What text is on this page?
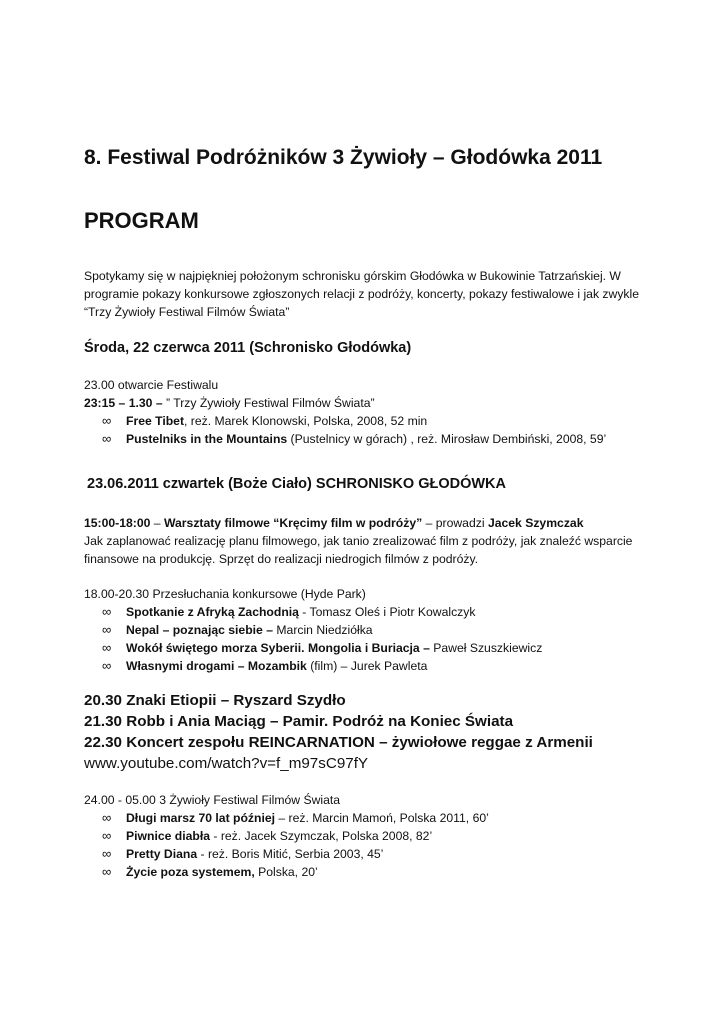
8. Festiwal Podróżników 3 Żywioły – Głodówka 2011
PROGRAM
Spotykamy się w najpiękniej położonym schronisku górskim Głodówka w Bukowinie Tatrzańskiej. W programie pokazy konkursowe zgłoszonych relacji z podróży, koncerty, pokazy festiwalowe i jak zwykle “Trzy Żywioły Festiwal Filmów Świata”
Środa, 22 czerwca 2011 (Schronisko Głodówka)
23.00 otwarcie Festiwalu
23:15 – 1.30 – ” Trzy Żywioły Festiwal Filmów Świata”
∞ Free Tibet, reż. Marek Klonowski, Polska, 2008, 52 min
∞ Pustelniks in the Mountains (Pustelnicy w górach) , reż. Mirosław Dembiński, 2008, 59’
23.06.2011 czwartek (Boże Ciało) SCHRONISKO GŁODÓWKA
15:00-18:00 – Warsztaty filmowe “Kręcimy film w podróży” – prowadzi Jacek Szymczak
Jak zaplanować realizację planu filmowego, jak tanio zrealizować film z podróży, jak znaleźć wsparcie finansowe na produkcję. Sprzęt do realizacji niedrogich filmów z podróży.
18.00-20.30 Przesłuchania konkursowe (Hyde Park)
∞ Spotkanie z Afryką Zachodnią - Tomasz Oleś i Piotr Kowalczyk
∞ Nepal – poznając siebie – Marcin Niedziółka
∞ Wokół świętego morza Syberii. Mongolia i Buriacja – Paweł Szuszkiewicz
∞ Własnymi drogami – Mozambik (film) – Jurek Pawleta
20.30 Znaki Etiopii – Ryszard Szydło
21.30 Robb i Ania Maciąg – Pamir. Podróż na Koniec Świata
22.30 Koncert zespołu REINCARNATION – żywiołowe reggae z Armenii
www.youtube.com/watch?v=f_m97sC97fY
24.00 - 05.00 3 Żywioły Festiwal Filmów Świata
∞ Długi marsz 70 lat później – reż. Marcin Mamoń, Polska 2011, 60’
∞ Piwnice diabła - reż. Jacek Szymczak, Polska 2008, 82’
∞ Pretty Diana - reż. Boris Mitić, Serbia 2003, 45’
∞ Życie poza systemem, Polska, 20’
